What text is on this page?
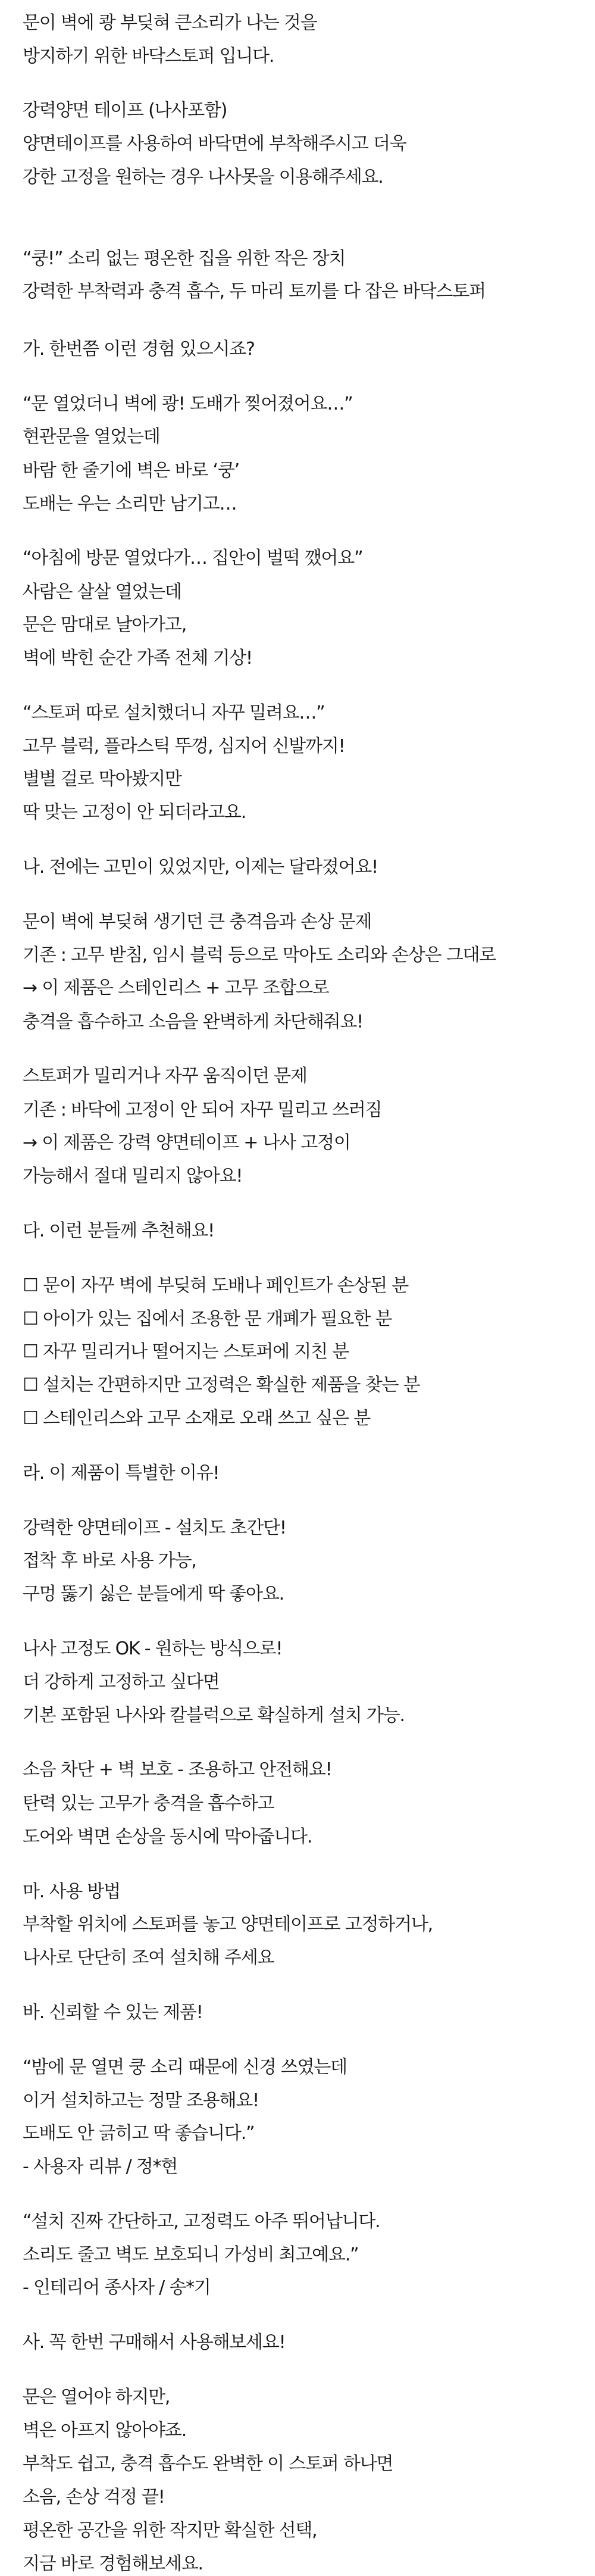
문이 벽에 쾅 부딪혀 큰소리가 나는 것을

방지하기 위한 바닥스토퍼 입니다.

강력양면 테이프 (나사포함)

양면테이프를 사용하여 바닥면에 부착해주시고 더욱

강한 고정을 원하는 경우 나사못을 이용해주세요.

“쿵!” 소리 없는 평온한 집을 위한 작은 장치

강력한 부착력과 충격 흡수, 두 마리 토끼를 다 잡은 바닥스토퍼

가. 한번쯤 이런 경험 있으시죠?

“문 열었더니 벽에 쾅! 도배가 찢어졌어요…”

현관문을 열었는데

바람 한 줄기에 벽은 바로 ‘쿵’

도배는 우는 소리만 남기고…

“아침에 방문 열었다가… 집안이 벌떡 깼어요”

사람은 살살 열었는데

문은 맘대로 날아가고,

벽에 박힌 순간 가족 전체 기상!

“스토퍼 따로 설치했더니 자꾸 밀려요…”

고무 블럭, 플라스틱 뚜껑, 심지어 신발까지!

별별 걸로 막아봤지만

딱 맞는 고정이 안 되더라고요.

나. 전에는 고민이 있었지만, 이제는 달라졌어요!

문이 벽에 부딪혀 생기던 큰 충격음과 손상 문제

기존 : 고무 받침, 임시 블럭 등으로 막아도 소리와 손상은 그대로

→ 이 제품은 스테인리스 + 고무 조합으로

충격을 흡수하고 소음을 완벽하게 차단해줘요!

스토퍼가 밀리거나 자꾸 움직이던 문제

기존 : 바닥에 고정이 안 되어 자꾸 밀리고 쓰러짐

→ 이 제품은 강력 양면테이프 + 나사 고정이

가능해서 절대 밀리지 않아요!

다. 이런 분들께 추천해요!

☐ 문이 자꾸 벽에 부딪혀 도배나 페인트가 손상된 분

☐ 아이가 있는 집에서 조용한 문 개폐가 필요한 분

☐ 자꾸 밀리거나 떨어지는 스토퍼에 지친 분

☐ 설치는 간편하지만 고정력은 확실한 제품을 찾는 분

☐ 스테인리스와 고무 소재로 오래 쓰고 싶은 분

라. 이 제품이 특별한 이유!

강력한 양면테이프 - 설치도 초간단!

접착 후 바로 사용 가능,

구멍 뚫기 싫은 분들에게 딱 좋아요.

나사 고정도 OK - 원하는 방식으로!

더 강하게 고정하고 싶다면

기본 포함된 나사와 칼블럭으로 확실하게 설치 가능.

소음 차단 + 벽 보호 - 조용하고 안전해요!

탄력 있는 고무가 충격을 흡수하고

도어와 벽면 손상을 동시에 막아줍니다.

마. 사용 방법

부착할 위치에 스토퍼를 놓고 양면테이프로 고정하거나,

나사로 단단히 조여 설치해 주세요

바. 신뢰할 수 있는 제품!

“밤에 문 열면 쿵 소리 때문에 신경 쓰였는데

이거 설치하고는 정말 조용해요!

도배도 안 긁히고 딱 좋습니다.”

- 사용자 리뷰 / 정*현

“설치 진짜 간단하고, 고정력도 아주 뛰어납니다.

소리도 줄고 벽도 보호되니 가성비 최고예요.”

- 인테리어 종사자 / 송*기

사. 꼭 한번 구매해서 사용해보세요!

문은 열어야 하지만,

벽은 아프지 않아야죠.

부착도 쉽고, 충격 흡수도 완벽한 이 스토퍼 하나면

소음, 손상 걱정 끝!

평온한 공간을 위한 작지만 확실한 선택,

지금 바로 경험해보세요.
